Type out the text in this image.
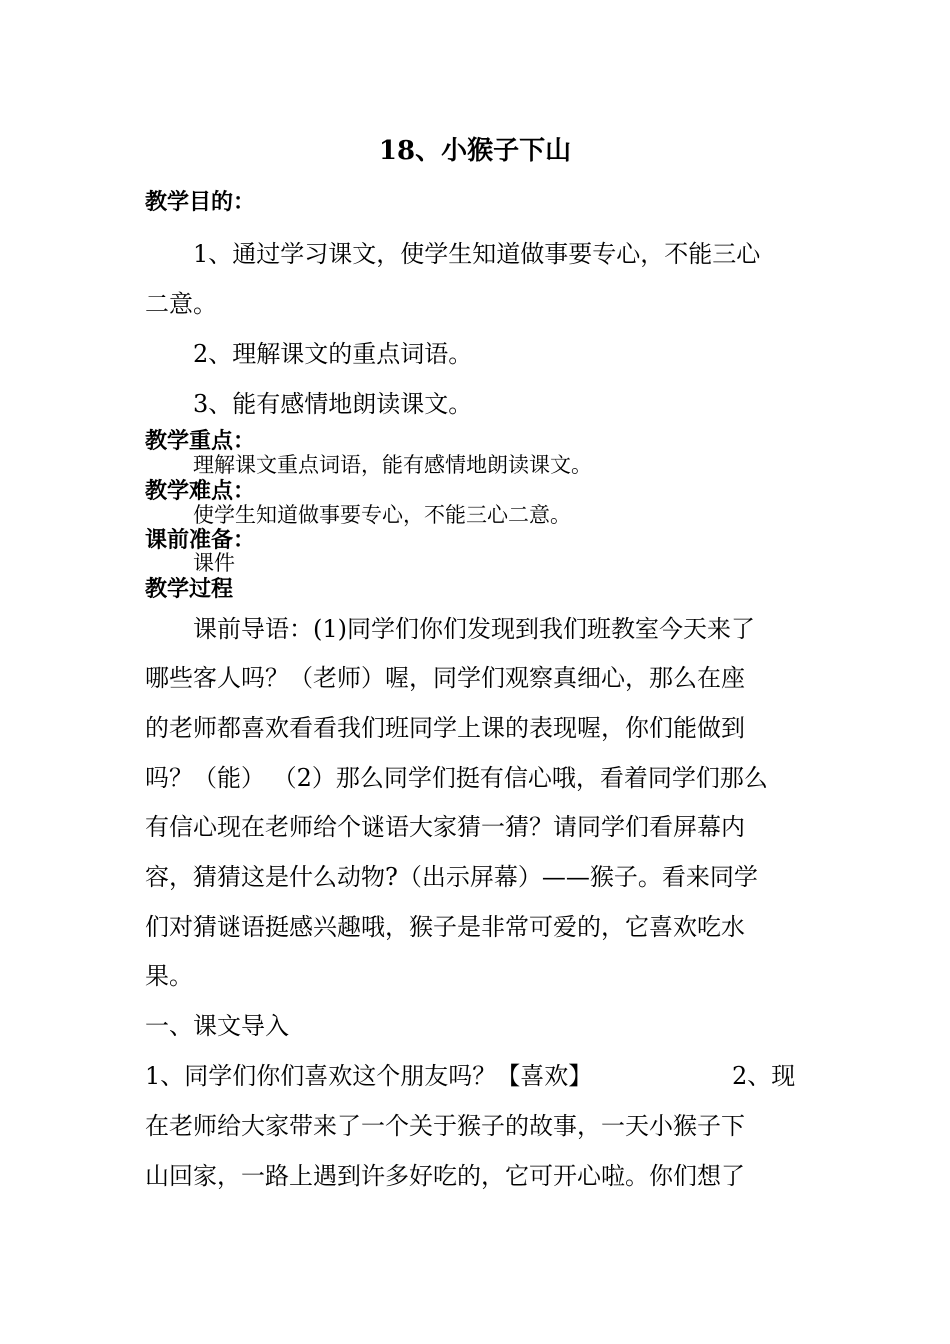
18、小猴子下山
教学目的：
1、通过学习课文，使学生知道做事要专心，不能三心
二意。
2、理解课文的重点词语。
3、能有感情地朗读课文。
教学重点：
理解课文重点词语，能有感情地朗读课文。
教学难点：
使学生知道做事要专心，不能三心二意。
课前准备：
课件
教学过程
课前导语：(1)同学们你们发现到我们班教室今天来了
哪些客人吗？（老师）喔，同学们观察真细心，那么在座
的老师都喜欢看看我们班同学上课的表现喔，你们能做到
吗？（能） （2）那么同学们挺有信心哦，看着同学们那么
有信心现在老师给个谜语大家猜一猜？请同学们看屏幕内
容，猜猜这是什么动物?（出示屏幕）——猴子。看来同学
们对猜谜语挺感兴趣哦，猴子是非常可爱的，它喜欢吃水
果。
一、课文导入
1、同学们你们喜欢这个朋友吗？【喜欢】	2、现
在老师给大家带来了一个关于猴子的故事，一天小猴子下
山回家，一路上遇到许多好吃的，它可开心啦。你们想了
